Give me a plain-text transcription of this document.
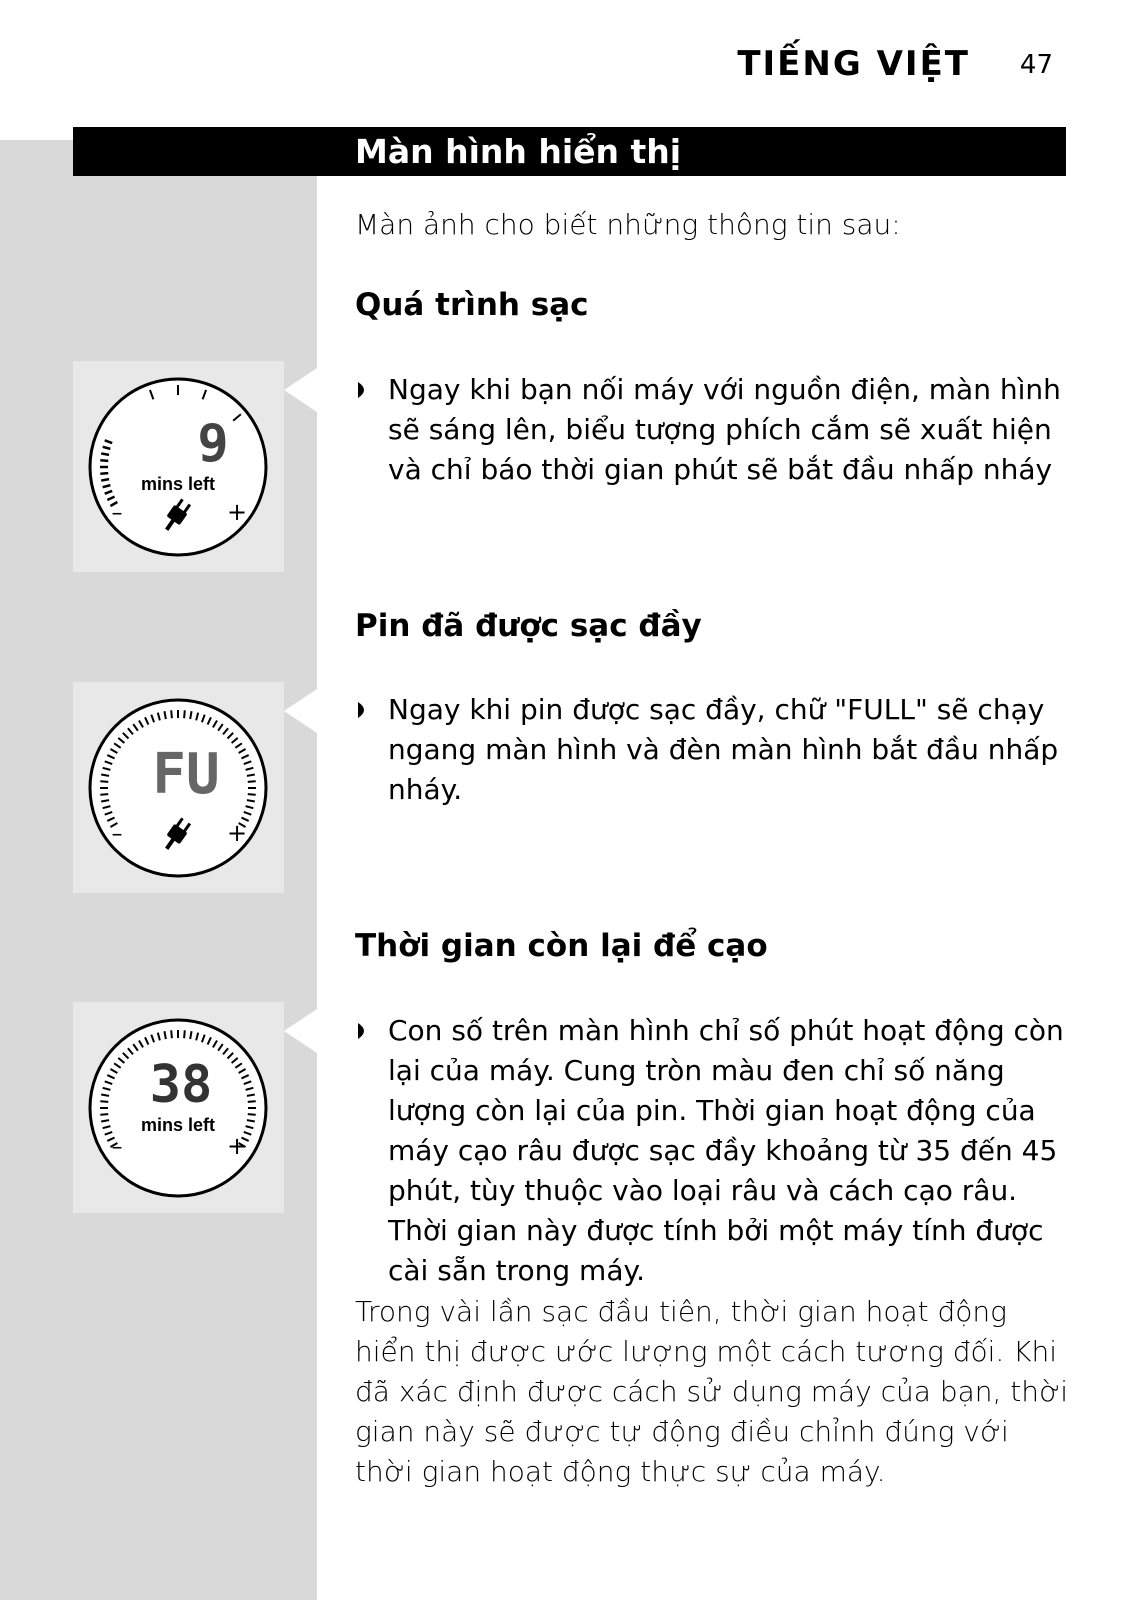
TIẾNG VIỆT 47
Màn hình hiển thị
Màn ảnh cho biết những thông tin sau:
Quá trình sạc
Ngay khi bạn nối máy với nguồn điện, màn hình sẽ sáng lên, biểu tượng phích cắm sẽ xuất hiện và chỉ báo thời gian phút sẽ bắt đầu nhấp nháy
9
mins left
–	+
Pin đã được sạc đầy
Ngay khi pin được sạc đầy, chữ "FULL" sẽ chạy ngang màn hình và đèn màn hình bắt đầu nhấp nháy.
FU
–	+
Thời gian còn lại để cạo
Con số trên màn hình chỉ số phút hoạt động còn lại của máy. Cung tròn màu đen chỉ số năng lượng còn lại của pin. Thời gian hoạt động của máy cạo râu được sạc đầy khoảng từ 35 đến 45 phút, tùy thuộc vào loại râu và cách cạo râu. Thời gian này được tính bởi một máy tính được cài sẵn trong máy.
38
mins left
–	+
Trong vài lần sạc đầu tiên, thời gian hoạt động hiển thị được ước lượng một cách tương đối. Khi đã xác định được cách sử dụng máy của bạn, thời gian này sẽ được tự động điều chỉnh đúng với thời gian hoạt động thực sự của máy.
